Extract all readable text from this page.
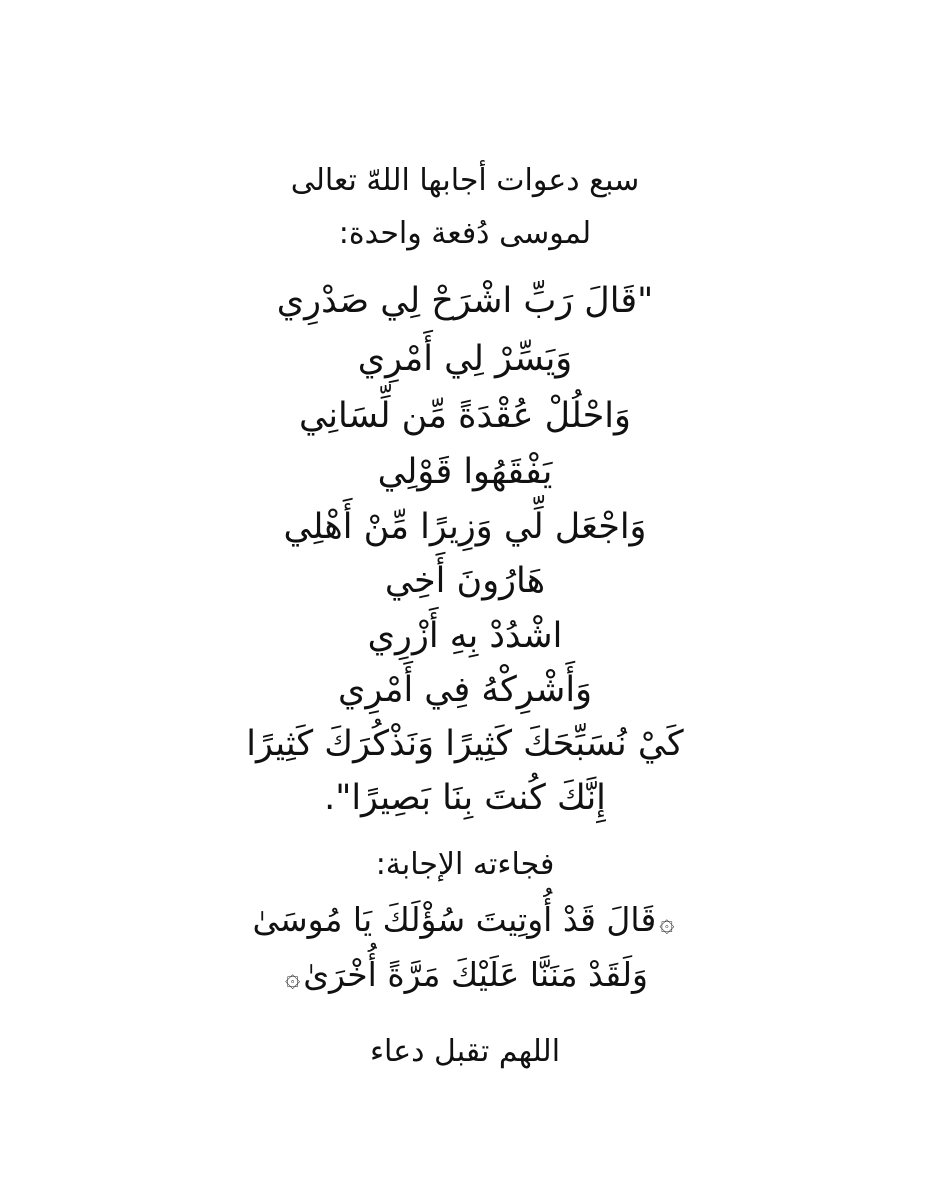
سبع دعوات أجابها اللهّ تعالى
لموسى دُفعة واحدة:
"قَالَ رَبِّ اشْرَحْ لِي صَدْرِي
وَيَسِّرْ لِي أَمْرِي
وَاحْلُلْ عُقْدَةً مِّن لِّسَانِي
يَفْقَهُوا قَوْلِي
وَاجْعَل لِّي وَزِيرًا مِّنْ أَهْلِي
هَارُونَ أَخِي
اشْدُدْ بِهِ أَزْرِي
وَأَشْرِكْهُ فِي أَمْرِي
كَيْ نُسَبِّحَكَ كَثِيرًا وَنَذْكُرَكَ كَثِيرًا
إِنَّكَ كُنتَ بِنَا بَصِيرًا".
فجاءته الإجابة:
۞قَالَ قَدْ أُوتِيتَ سُؤْلَكَ يَا مُوسَىٰ
وَلَقَدْ مَنَنَّا عَلَيْكَ مَرَّةً أُخْرَىٰ۞
اللهم تقبل دعاء
